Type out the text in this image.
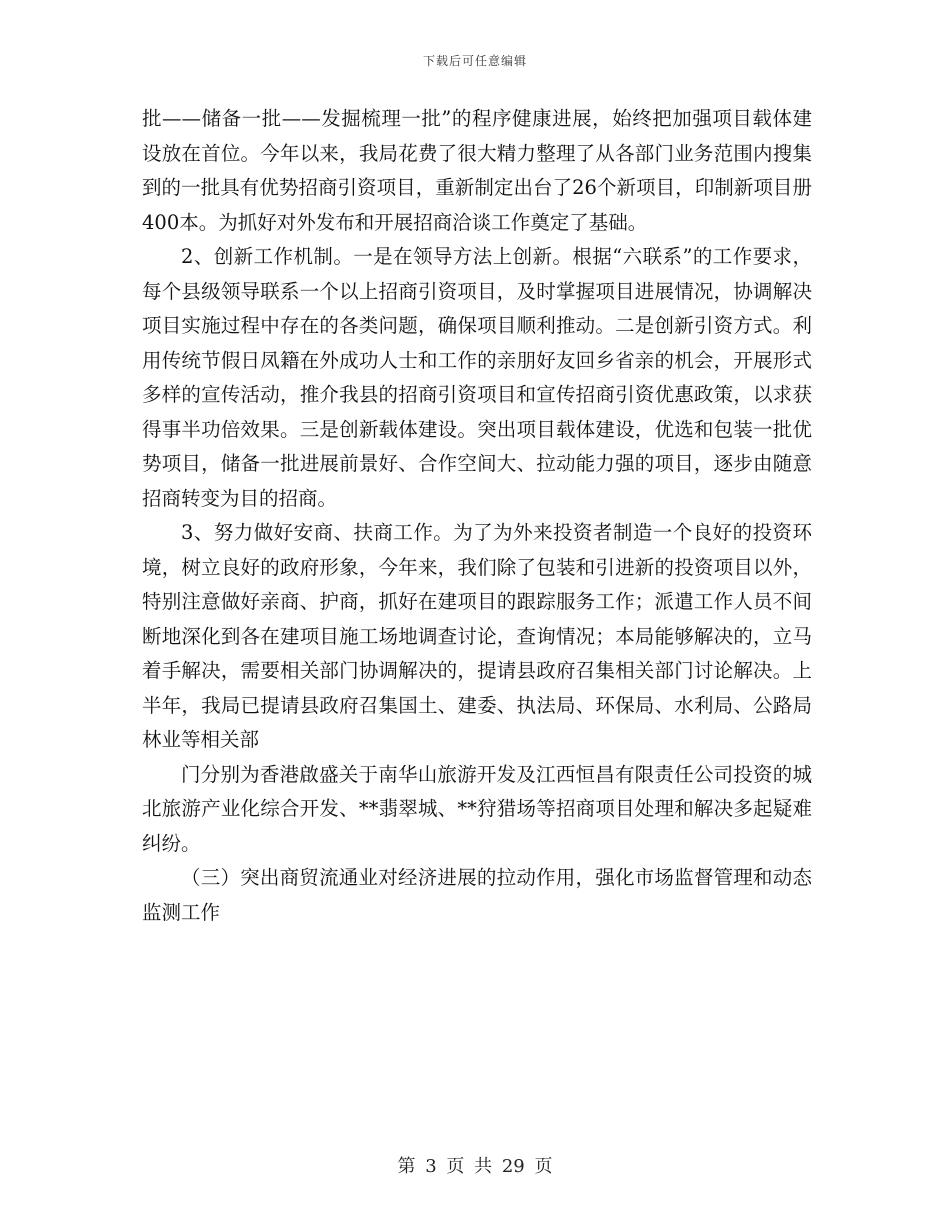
下载后可任意编辑

批——储备一批——发掘梳理一批”的程序健康进展，始终把加强项目载体建设放在首位。今年以来，我局花费了很大精力整理了从各部门业务范围内搜集到的一批具有优势招商引资项目，重新制定出台了26个新项目，印制新项目册400本。为抓好对外发布和开展招商洽谈工作奠定了基础。

2、创新工作机制。一是在领导方法上创新。根据“六联系”的工作要求，每个县级领导联系一个以上招商引资项目，及时掌握项目进展情况，协调解决项目实施过程中存在的各类问题，确保项目顺利推动。二是创新引资方式。利用传统节假日凤籍在外成功人士和工作的亲朋好友回乡省亲的机会，开展形式多样的宣传活动，推介我县的招商引资项目和宣传招商引资优惠政策，以求获得事半功倍效果。三是创新载体建设。突出项目载体建设，优选和包装一批优势项目，储备一批进展前景好、合作空间大、拉动能力强的项目，逐步由随意招商转变为目的招商。

3、努力做好安商、扶商工作。为了为外来投资者制造一个良好的投资环境，树立良好的政府形象，今年来，我们除了包装和引进新的投资项目以外，特别注意做好亲商、护商，抓好在建项目的跟踪服务工作；派遣工作人员不间断地深化到各在建项目施工场地调查讨论，查询情况；本局能够解决的，立马着手解决，需要相关部门协调解决的，提请县政府召集相关部门讨论解决。上半年，我局已提请县政府召集国土、建委、执法局、环保局、水利局、公路局林业等相关部

门分别为香港啟盛关于南华山旅游开发及江西恒昌有限责任公司投资的城北旅游产业化综合开发、**翡翠城、**狩猎场等招商项目处理和解决多起疑难纠纷。

（三）突出商贸流通业对经济进展的拉动作用，强化市场监督管理和动态监测工作

第 3 页 共 29 页
